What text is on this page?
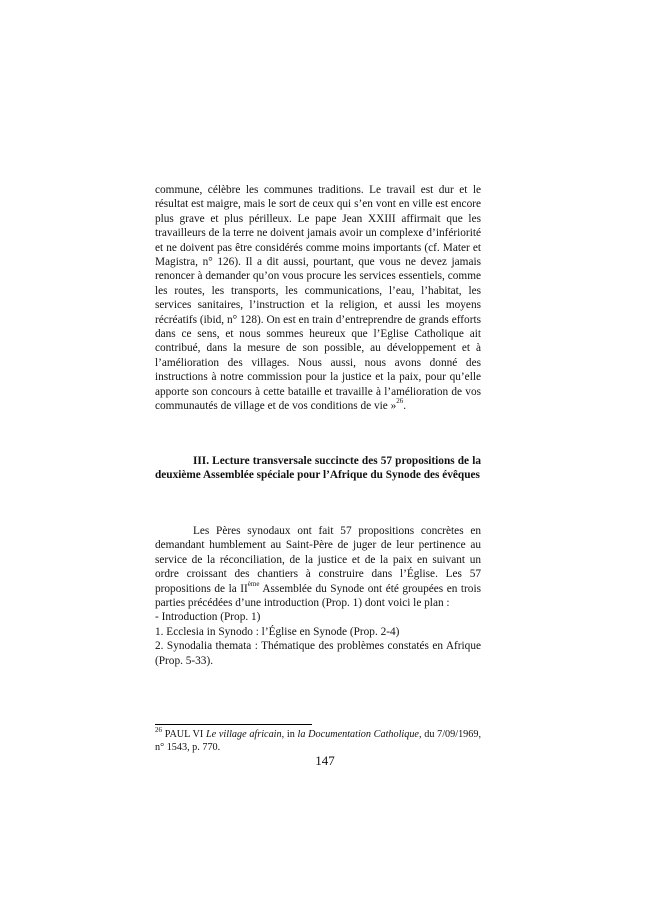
commune, célèbre les communes traditions. Le travail est dur et le résultat est maigre, mais le sort de ceux qui s’en vont en ville est encore plus grave et plus périlleux. Le pape Jean XXIII affirmait que les travailleurs de la terre ne doivent jamais avoir un complexe d’infériorité et ne doivent pas être considérés comme moins importants (cf. Mater et Magistra, n° 126). Il a dit aussi, pourtant, que vous ne devez jamais renoncer à demander qu’on vous procure les services essentiels, comme les routes, les transports, les communications, l’eau, l’habitat, les services sanitaires, l’instruction et la religion, et aussi les moyens récréatifs (ibid, n° 128). On est en train d’entreprendre de grands efforts dans ce sens, et nous sommes heureux que l’Eglise Catholique ait contribué, dans la mesure de son possible, au développement et à l’amélioration des villages. Nous aussi, nous avons donné des instructions à notre commission pour la justice et la paix, pour qu’elle apporte son concours à cette bataille et travaille à l’amélioration de vos communautés de village et de vos conditions de vie »$^{26}$.

III. Lecture transversale succincte des 57 propositions de la deuxième Assemblée spéciale pour l’Afrique du Synode des évêques

Les Pères synodaux ont fait 57 propositions concrètes en demandant humblement au Saint-Père de juger de leur pertinence au service de la réconciliation, de la justice et de la paix en suivant un ordre croissant des chantiers à construire dans l’Église. Les 57 propositions de la IIème Assemblée du Synode ont été groupées en trois parties précédées d’une introduction (Prop. 1) dont voici le plan :

- Introduction (Prop. 1)

1. Ecclesia in Synodo : l’Église en Synode (Prop. 2-4)

2. Synodalia themata : Thématique des problèmes constatés en Afrique (Prop. 5-33).

$^{26}$ PAUL VI Le village africain, in la Documentation Catholique, du 7/09/1969, n° 1543, p. 770.
147
